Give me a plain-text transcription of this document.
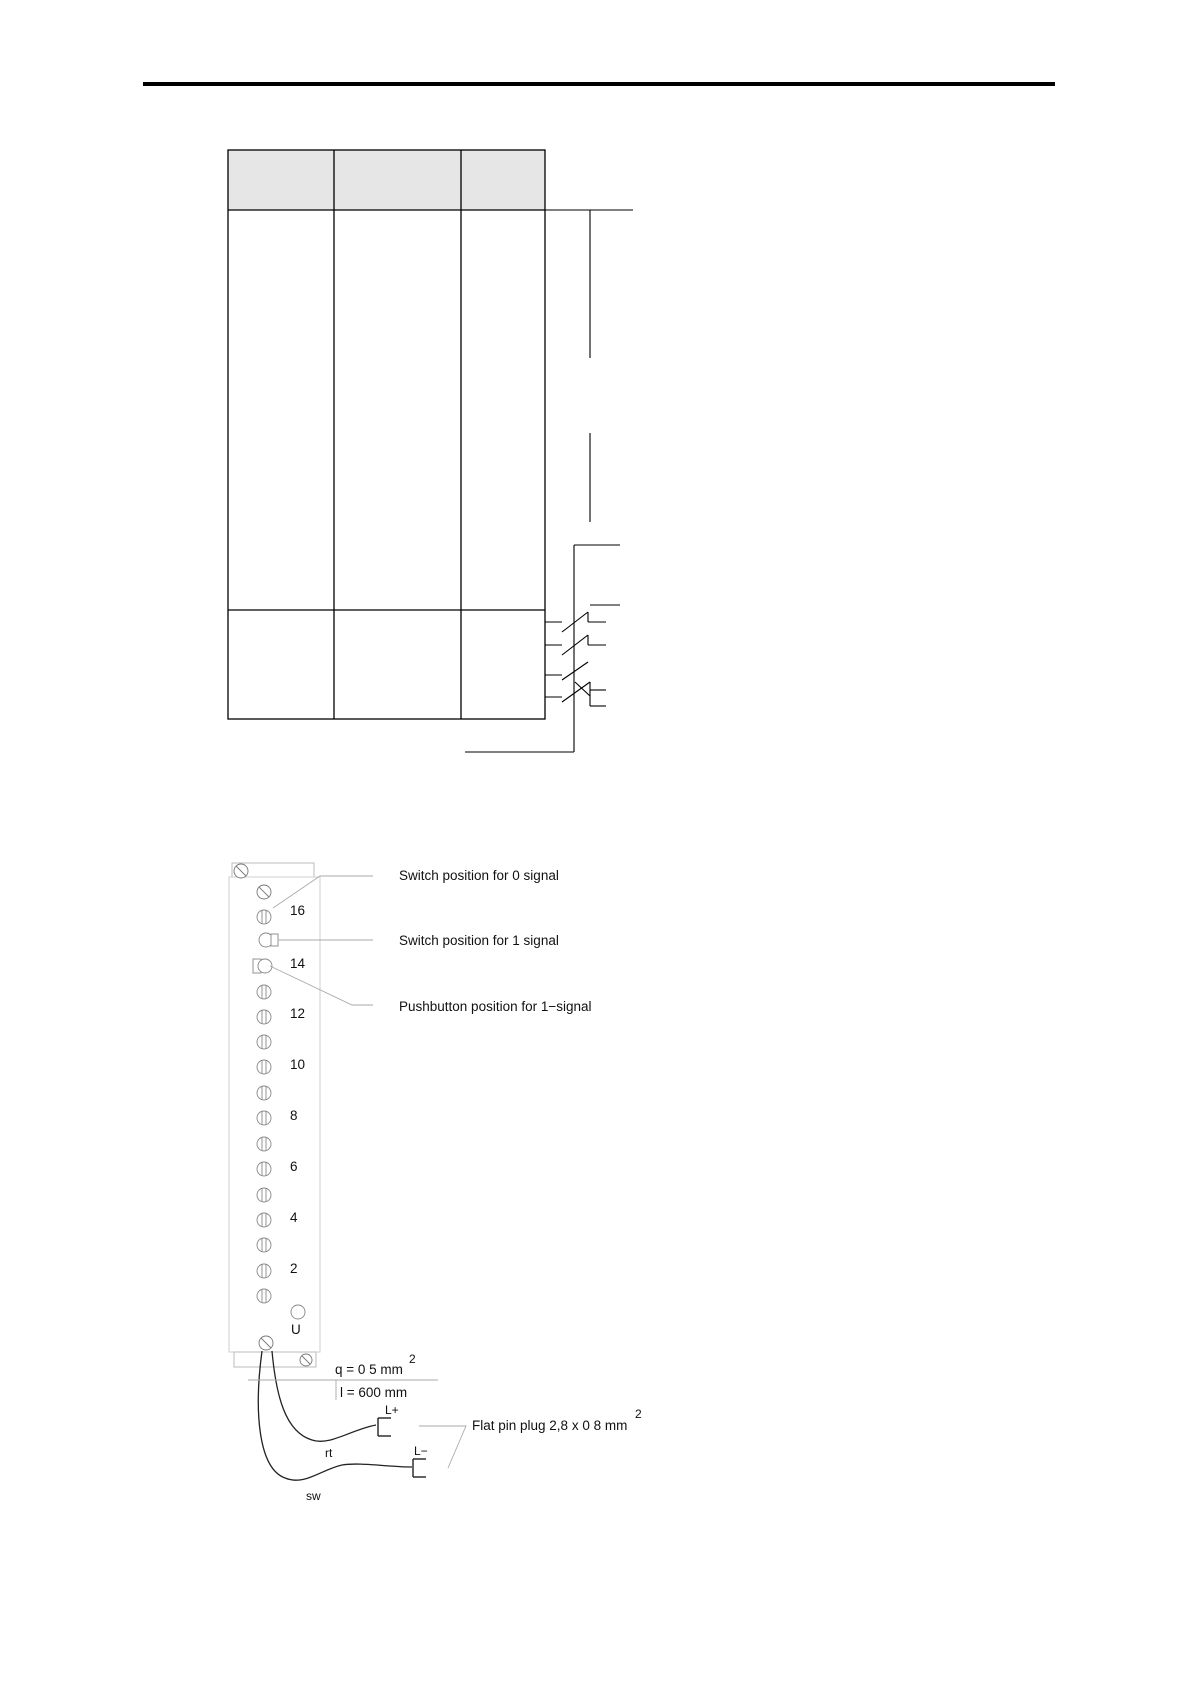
16
14
12
10
8
6
4
2
U
Switch position for 0 signal
Switch position for 1 signal
Pushbutton position for 1−signal
q = 0 5 mm
2
l = 600 mm
L+
L−
rt
sw
Flat pin plug 2,8 x 0 8 mm
2
